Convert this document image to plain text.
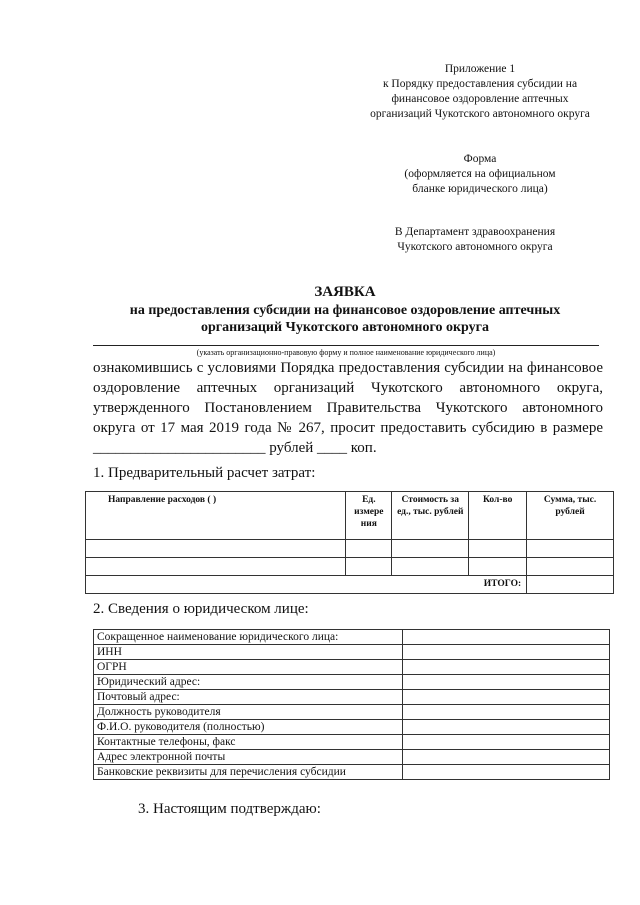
Приложение 1
к Порядку предоставления субсидии на
финансовое оздоровление аптечных
организаций Чукотского автономного округа
Форма
(оформляется на официальном
бланке юридического лица)
В Департамент здравоохранения
Чукотского автономного округа
ЗАЯВКА
на предоставления субсидии на финансовое оздоровление аптечных
организаций Чукотского автономного округа
(указать организационно-правовую форму и полное наименование юридического лица)
ознакомившись с условиями Порядка предоставления субсидии на финансовое
оздоровление аптечных организаций Чукотского автономного округа,
утвержденного Постановлением Правительства Чукотского автономного
округа от 17 мая 2019 года № 267, просит предоставить субсидию в размере
_______________________ рублей ____ коп.
1. Предварительный расчет затрат:
Направление расходов ( )	Ед. измере ния	Стоимость за ед., тыс. рублей	Кол-во	Сумма, тыс. рублей

ИТОГО:				
2. Сведения о юридическом лице:
Сокращенное наименование юридического лица:	
ИНН	
ОГРН	
Юридический адрес:	
Почтовый адрес:	
Должность руководителя	
Ф.И.О. руководителя (полностью)	
Контактные телефоны, факс	
Адрес электронной почты	
Банковские реквизиты для перечисления субсидии	
3. Настоящим подтверждаю:
